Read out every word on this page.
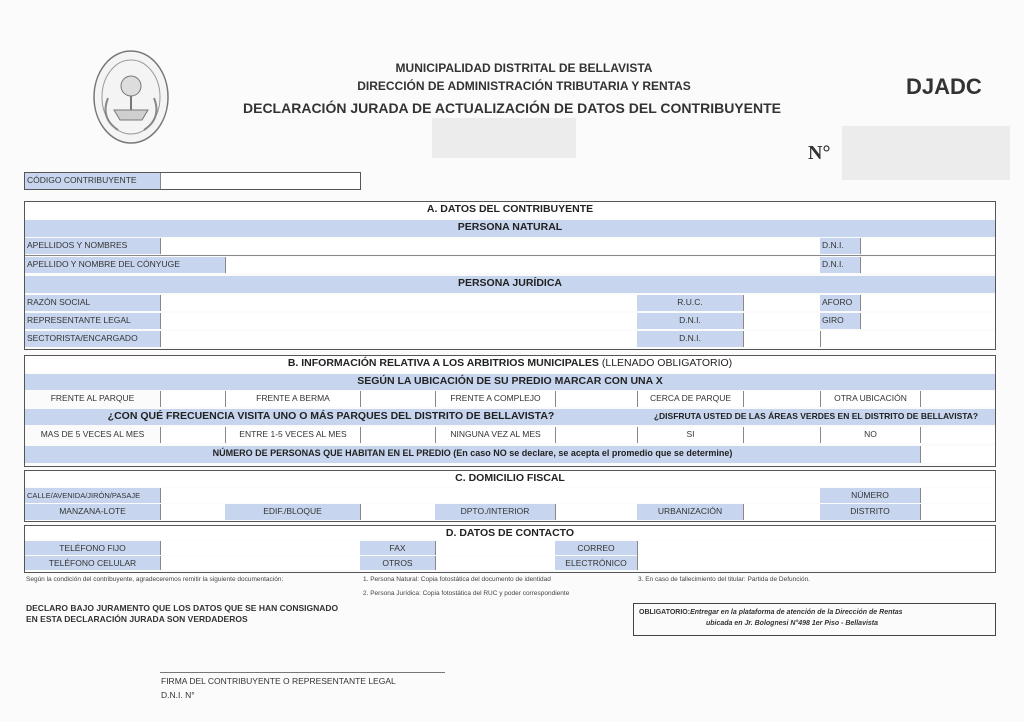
MUNICIPALIDAD DISTRITAL DE BELLAVISTA
DIRECCIÓN DE ADMINISTRACIÓN TRIBUTARIA Y RENTAS
DECLARACIÓN JURADA DE ACTUALIZACIÓN DE DATOS DEL CONTRIBUYENTE
DJADC
N°
CÓDIGO CONTRIBUYENTE
A. DATOS DEL CONTRIBUYENTE
PERSONA NATURAL
APELLIDOS Y NOMBRES	D.N.I.
APELLIDO Y NOMBRE DEL CÓNYUGE	D.N.I.
PERSONA JURÍDICA
RAZÓN SOCIAL	R.U.C.	AFORO
REPRESENTANTE LEGAL	D.N.I.	GIRO
SECTORISTA/ENCARGADO	D.N.I.
B. INFORMACIÓN RELATIVA A LOS ARBITRIOS MUNICIPALES (LLENADO OBLIGATORIO)
SEGÚN LA UBICACIÓN DE SU PREDIO MARCAR CON UNA X
FRENTE AL PARQUE	FRENTE A BERMA	FRENTE A COMPLEJO	CERCA DE PARQUE	OTRA UBICACIÓN
¿CON QUÉ FRECUENCIA VISITA UNO O MÁS PARQUES DEL DISTRITO DE BELLAVISTA?	¿DISFRUTA USTED DE LAS ÁREAS VERDES EN EL DISTRITO DE BELLAVISTA?
MAS DE 5 VECES AL MES	ENTRE 1-5 VECES AL MES	NINGUNA VEZ AL MES	SI	NO
NÚMERO DE PERSONAS QUE HABITAN EN EL PREDIO (En caso NO se declare, se acepta el promedio que se determine)
C. DOMICILIO FISCAL
CALLE/AVENIDA/JIRÓN/PASAJE	NÚMERO
MANZANA-LOTE	EDIF./BLOQUE	DPTO./INTERIOR	URBANIZACIÓN	DISTRITO
D. DATOS DE CONTACTO
TELÉFONO FIJO	FAX	CORREO
TELÉFONO CELULAR	OTROS	ELECTRÓNICO
Según la condición del contribuyente, agradeceremos remitir la siguiente documentación:	1. Persona Natural: Copia fotostática del documento de identidad
2. Persona Jurídica: Copia fotostática del RUC y poder correspondiente
3. En caso de fallecimiento del titular: Partida de Defunción.
DECLARO BAJO JURAMENTO QUE LOS DATOS QUE SE HAN CONSIGNADO
EN ESTA DECLARACIÓN JURADA SON VERDADEROS
OBLIGATORIO:Entregar en la plataforma de atención de la Dirección de Rentas
ubicada en Jr. Bolognesi N°498 1er Piso - Bellavista
FIRMA DEL CONTRIBUYENTE O REPRESENTANTE LEGAL
D.N.I. N°
